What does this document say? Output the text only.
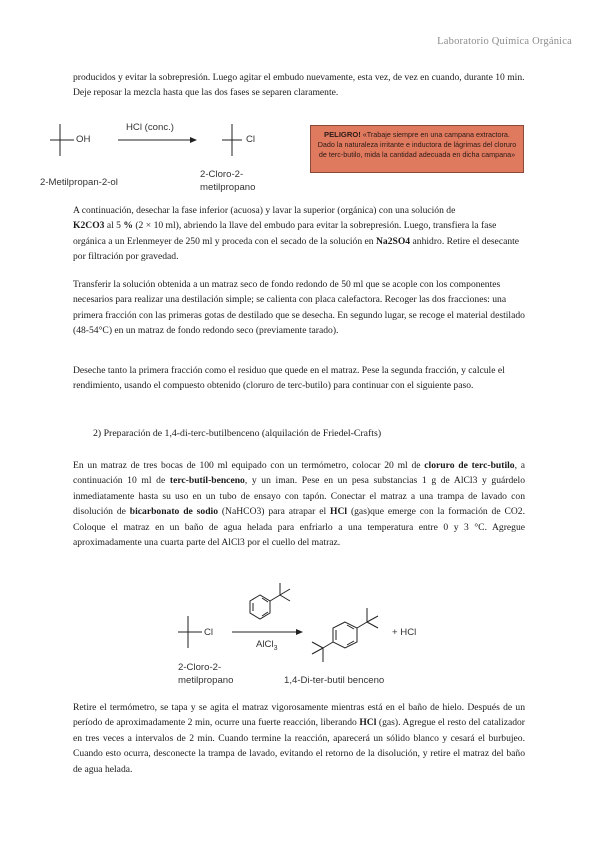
Laboratorio Química Orgánica

producidos y evitar la sobrepresión. Luego agitar el embudo nuevamente, esta vez, de vez en cuando, durante 10 min. Deje reposar la mezcla hasta que las dos fases se separen claramente.

OH
HCl (conc.)
Cl
2-Metilpropan-2-ol
2-Cloro-2-
metilpropano
PELIGRO! «Trabaje siempre en una campana extractora. Dado la naturaleza irritante e inductora de lágrimas del cloruro de terc-butilo, mida la cantidad adecuada en dicha campana»

A continuación, desechar la fase inferior (acuosa) y lavar la superior (orgánica) con una solución de
K2CO3 al 5 % (2 × 10 ml), abriendo la llave del embudo para evitar la sobrepresión. Luego, transfiera la fase orgánica a un Erlenmeyer de 250 ml y proceda con el secado de la solución en Na2SO4 anhidro. Retire el desecante por filtración por gravedad.

Transferir la solución obtenida a un matraz seco de fondo redondo de 50 ml que se acople con los componentes necesarios para realizar una destilación simple; se calienta con placa calefactora. Recoger las dos fracciones: una primera fracción con las primeras gotas de destilado que se desecha. En segundo lugar, se recoge el material destilado (48-54°C) en un matraz de fondo redondo seco (previamente tarado).

Deseche tanto la primera fracción como el residuo que quede en el matraz. Pese la segunda fracción, y calcule el rendimiento, usando el compuesto obtenido (cloruro de terc-butilo) para continuar con el siguiente paso.

2) Preparación de 1,4-di-terc-butilbenceno (alquilación de Friedel-Crafts)

En un matraz de tres bocas de 100 ml equipado con un termómetro, colocar 20 ml de cloruro de terc-butilo, a continuación 10 ml de terc-butil-benceno, y un iman. Pese en un pesa substancias 1 g de AlCl3 y guárdelo inmediatamente hasta su uso en un tubo de ensayo con tapón. Conectar el matraz a una trampa de lavado con disolución de bicarbonato de sodio (NaHCO3) para atrapar el HCl (gas)que emerge con la formación de CO2. Coloque el matraz en un baño de agua helada para enfriarlo a una temperatura entre 0 y 3 °C. Agregue aproximadamente una cuarta parte del AlCl3 por el cuello del matraz.

Cl
AlCl$_3$
+ HCl
2-Cloro-2-
metilpropano	1,4-Di-ter-butil benceno

Retire el termómetro, se tapa y se agita el matraz vigorosamente mientras está en el baño de hielo. Después de un período de aproximadamente 2 min, ocurre una fuerte reacción, liberando HCl (gas). Agregue el resto del catalizador en tres veces a intervalos de 2 min. Cuando termine la reacción, aparecerá un sólido blanco y cesará el burbujeo. Cuando esto ocurra, desconecte la trampa de lavado, evitando el retorno de la disolución, y retire el matraz del baño de agua helada.
